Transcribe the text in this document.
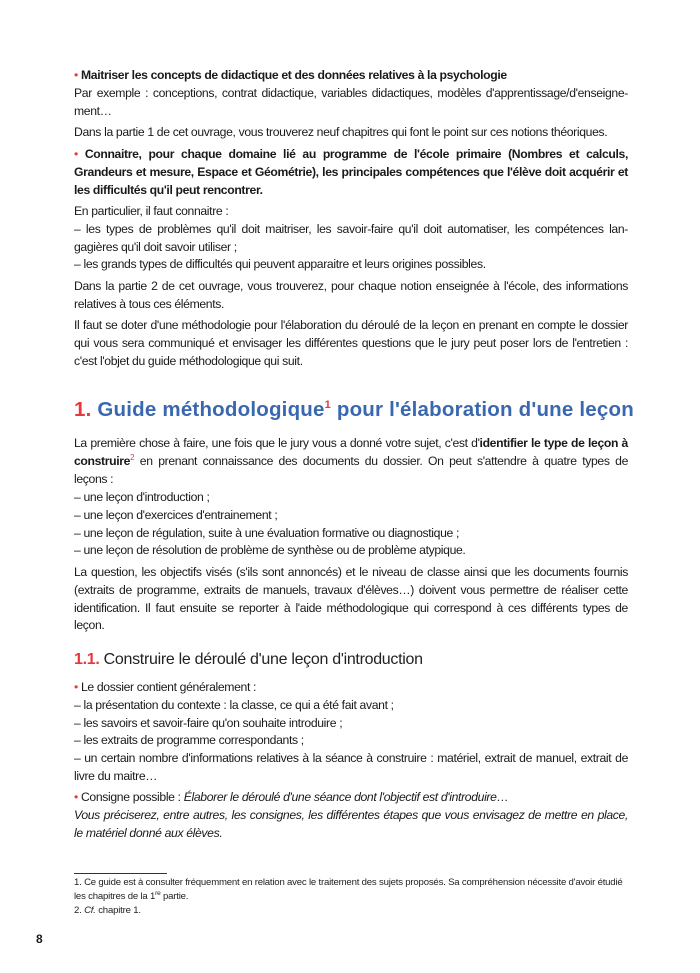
• Maitriser les concepts de didactique et des données relatives à la psychologie
Par exemple : conceptions, contrat didactique, variables didactiques, modèles d'apprentissage/d'enseigne-ment…
Dans la partie 1 de cet ouvrage, vous trouverez neuf chapitres qui font le point sur ces notions théoriques.
• Connaitre, pour chaque domaine lié au programme de l'école primaire (Nombres et calculs, Grandeurs et mesure, Espace et Géométrie), les principales compétences que l'élève doit acquérir et les difficultés qu'il peut rencontrer.
En particulier, il faut connaitre :
– les types de problèmes qu'il doit maitriser, les savoir-faire qu'il doit automatiser, les compétences lan-gagières qu'il doit savoir utiliser ;
– les grands types de difficultés qui peuvent apparaitre et leurs origines possibles.
Dans la partie 2 de cet ouvrage, vous trouverez, pour chaque notion enseignée à l'école, des informations relatives à tous ces éléments.
Il faut se doter d'une méthodologie pour l'élaboration du déroulé de la leçon en prenant en compte le dossier qui vous sera communiqué et envisager les différentes questions que le jury peut poser lors de l'entretien : c'est l'objet du guide méthodologique qui suit.
1. Guide méthodologique$^1$ pour l'élaboration d'une leçon
La première chose à faire, une fois que le jury vous a donné votre sujet, c'est d'identifier le type de leçon à construire$^2$ en prenant connaissance des documents du dossier. On peut s'attendre à quatre types de leçons :
– une leçon d'introduction ;
– une leçon d'exercices d'entrainement ;
– une leçon de régulation, suite à une évaluation formative ou diagnostique ;
– une leçon de résolution de problème de synthèse ou de problème atypique.
La question, les objectifs visés (s'ils sont annoncés) et le niveau de classe ainsi que les documents fournis (extraits de programme, extraits de manuels, travaux d'élèves…) doivent vous permettre de réaliser cette identification. Il faut ensuite se reporter à l'aide méthodologique qui correspond à ces différents types de leçon.
1.1. Construire le déroulé d'une leçon d'introduction
• Le dossier contient généralement :
– la présentation du contexte : la classe, ce qui a été fait avant ;
– les savoirs et savoir-faire qu'on souhaite introduire ;
– les extraits de programme correspondants ;
– un certain nombre d'informations relatives à la séance à construire : matériel, extrait de manuel, extrait de livre du maitre…
• Consigne possible : Élaborer le déroulé d'une séance dont l'objectif est d'introduire…
Vous préciserez, entre autres, les consignes, les différentes étapes que vous envisagez de mettre en place, le matériel donné aux élèves.
1. Ce guide est à consulter fréquemment en relation avec le traitement des sujets proposés. Sa compréhension nécessite d'avoir étudié les chapitres de la 1re partie.
2. Cf. chapitre 1.
8
